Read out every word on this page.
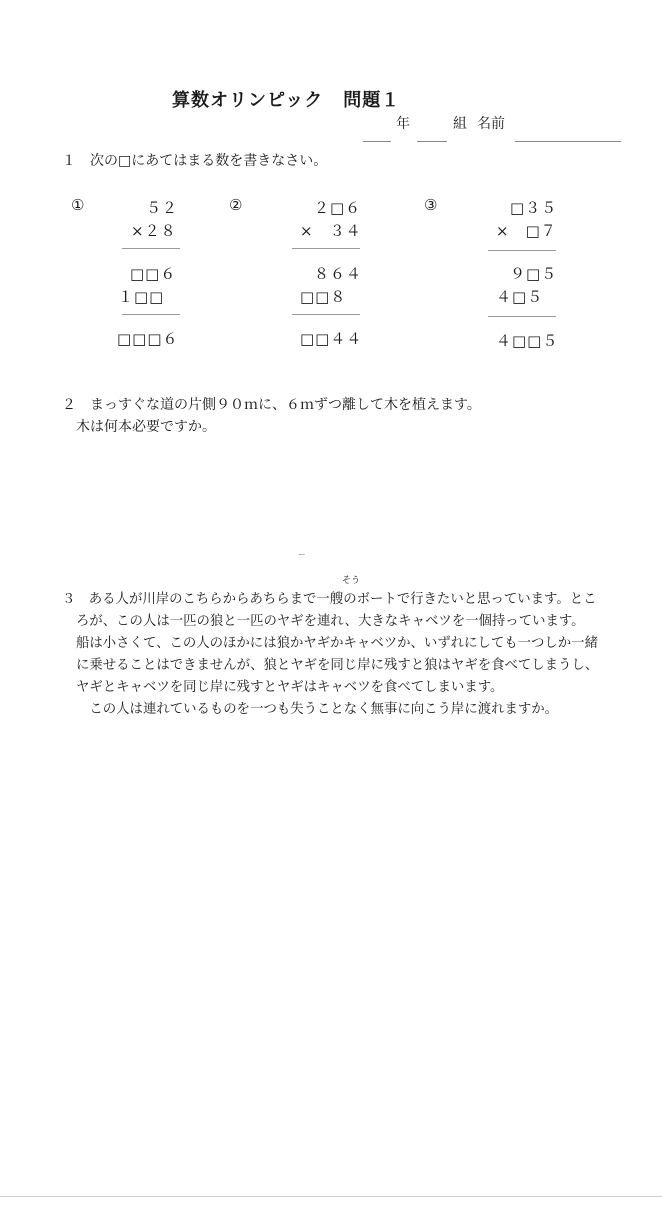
算数オリンピック 問題１
年	組 名前
１　次の□にあてはまる数を書きなさい。
①	５２
×２８
□□６
１□□
□□□６
②	２□６
×　３４
８６４
□□８
□□４４
③	□３５
×　□７
９□５
４□５
４□□５
２　まっすぐな道の片側９０ｍに、６ｍずつ離して木を植えます。
木は何本必要ですか。
ー
そう
３　ある人が川岸のこちらからあちらまで一艘のボートで行きたいと思っています。とこ
ろが、この人は一匹の狼と一匹のヤギを連れ、大きなキャベツを一個持っています。
船は小さくて、この人のほかには狼かヤギかキャベツか、いずれにしても一つしか一緒
に乗せることはできませんが、狼とヤギを同じ岸に残すと狼はヤギを食べてしまうし、
ヤギとキャベツを同じ岸に残すとヤギはキャベツを食べてしまいます。
　この人は連れているものを一つも失うことなく無事に向こう岸に渡れますか。
